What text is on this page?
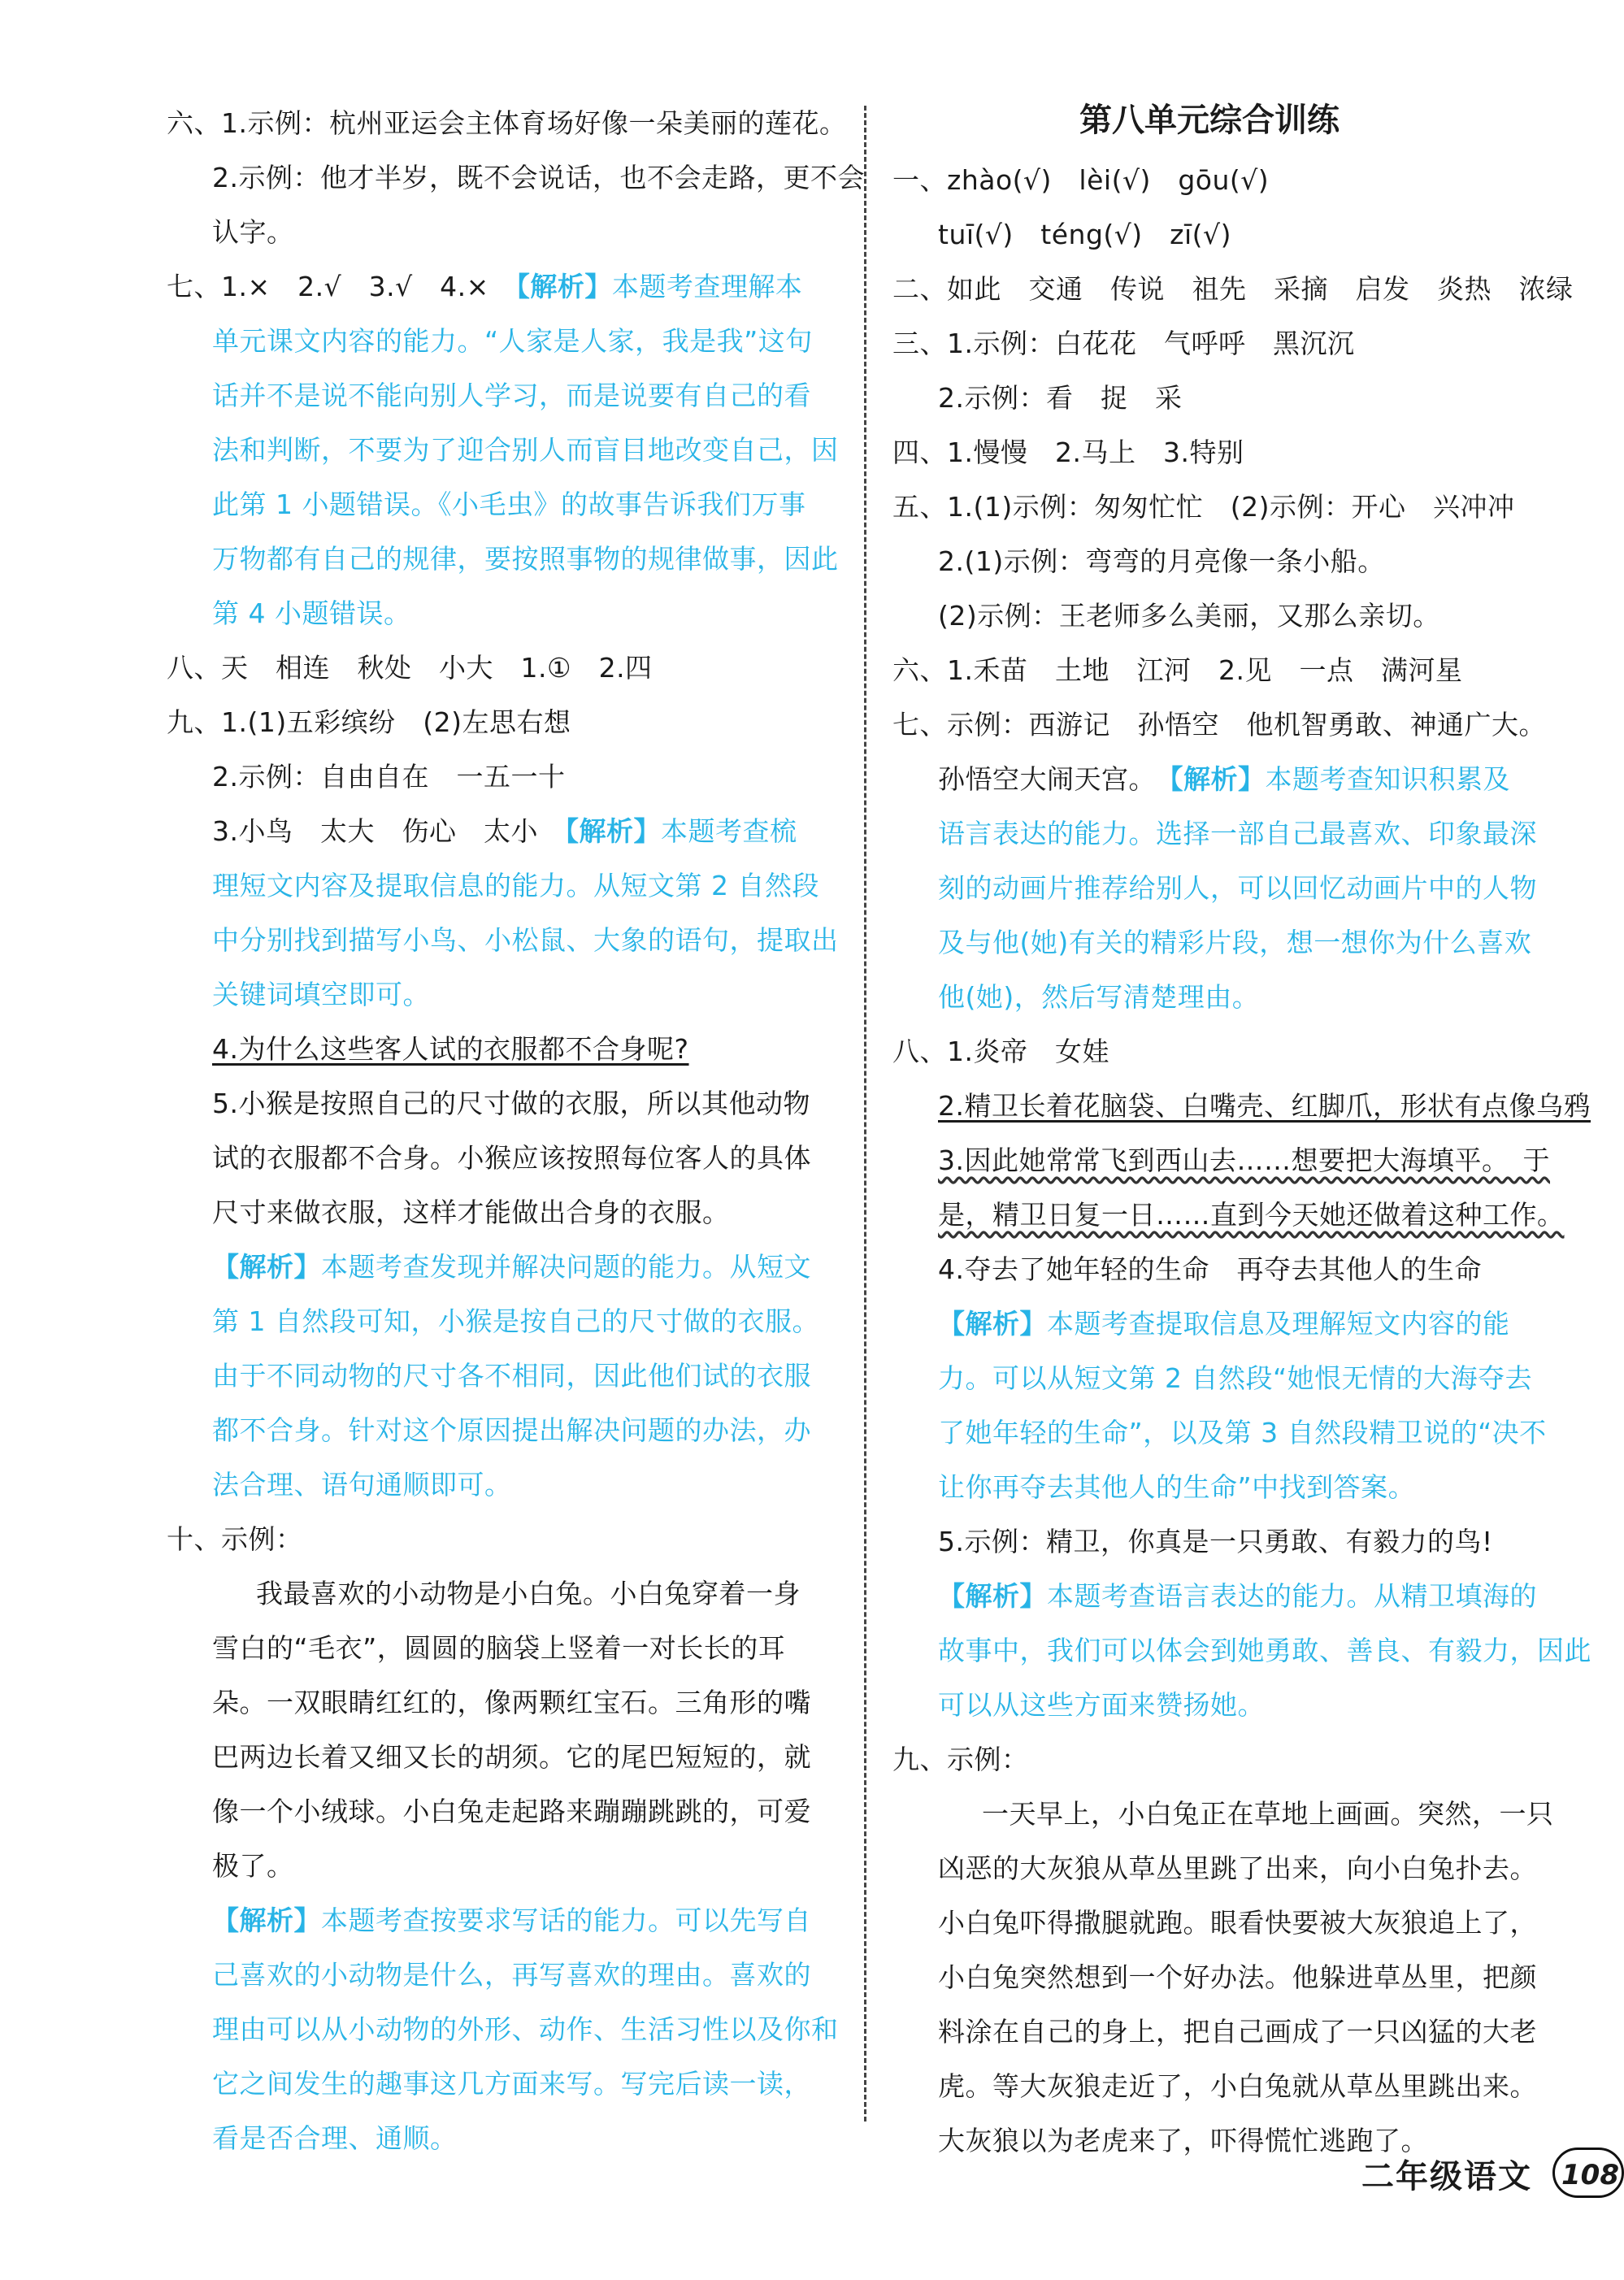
六、1.示例：杭州亚运会主体育场好像一朵美丽的莲花。
2.示例：他才半岁，既不会说话，也不会走路，更不会
认字。
七、1.×　2.√　3.√　4.×　 【解析】本题考查理解本
单元课文内容的能力。“人家是人家，我是我”这句
话并不是说不能向别人学习，而是说要有自己的看
法和判断，不要为了迎合别人而盲目地改变自己，因
此第 1 小题错误。《小毛虫》的故事告诉我们万事
万物都有自己的规律，要按照事物的规律做事，因此
第 4 小题错误。
八、天　相连　秋处　小大　1.①　2.四
九、1.(1)五彩缤纷　(2)左思右想
2.示例：自由自在　一五一十
3.小鸟　太大　伤心　太小　 【解析】本题考查梳
理短文内容及提取信息的能力。从短文第 2 自然段
中分别找到描写小鸟、小松鼠、大象的语句，提取出
关键词填空即可。
4.为什么这些客人试的衣服都不合身呢?
5.小猴是按照自己的尺寸做的衣服，所以其他动物
试的衣服都不合身。小猴应该按照每位客人的具体
尺寸来做衣服，这样才能做出合身的衣服。
【解析】本题考查发现并解决问题的能力。从短文
第 1 自然段可知，小猴是按自己的尺寸做的衣服。
由于不同动物的尺寸各不相同，因此他们试的衣服
都不合身。针对这个原因提出解决问题的办法，办
法合理、语句通顺即可。
十、示例：
我最喜欢的小动物是小白兔。小白兔穿着一身
雪白的“毛衣”，圆圆的脑袋上竖着一对长长的耳
朵。一双眼睛红红的，像两颗红宝石。三角形的嘴
巴两边长着又细又长的胡须。它的尾巴短短的，就
像一个小绒球。小白兔走起路来蹦蹦跳跳的，可爱
极了。
【解析】本题考查按要求写话的能力。可以先写自
己喜欢的小动物是什么，再写喜欢的理由。喜欢的
理由可以从小动物的外形、动作、生活习性以及你和
它之间发生的趣事这几方面来写。写完后读一读，
看是否合理、通顺。
第八单元综合训练
一、zhào(√)　lèi(√)　gōu(√)
tuī(√)　téng(√)　zī(√)
二、如此　交通　传说　祖先　采摘　启发　炎热　浓绿
三、1.示例：白花花　气呼呼　黑沉沉
2.示例：看　捉　采
四、1.慢慢　2.马上　3.特别
五、1.(1)示例：匆匆忙忙　(2)示例：开心　兴冲冲
2.(1)示例：弯弯的月亮像一条小船。
(2)示例：王老师多么美丽，又那么亲切。
六、1.禾苗　土地　江河　2.见　一点　满河星
七、示例：西游记　孙悟空　他机智勇敢、神通广大。
孙悟空大闹天宫。　 【解析】本题考查知识积累及
语言表达的能力。选择一部自己最喜欢、印象最深
刻的动画片推荐给别人，可以回忆动画片中的人物
及与他(她)有关的精彩片段，想一想你为什么喜欢
他(她)，然后写清楚理由。
八、1.炎帝　女娃
2.精卫长着花脑袋、白嘴壳、红脚爪，形状有点像乌鸦
3.因此她常常飞到西山去……想要把大海填平。　于
是，精卫日复一日……直到今天她还做着这种工作。
4.夺去了她年轻的生命　再夺去其他人的生命
【解析】本题考查提取信息及理解短文内容的能
力。可以从短文第 2 自然段“她恨无情的大海夺去
了她年轻的生命”，以及第 3 自然段精卫说的“决不
让你再夺去其他人的生命”中找到答案。
5.示例：精卫，你真是一只勇敢、有毅力的鸟!
【解析】本题考查语言表达的能力。从精卫填海的
故事中，我们可以体会到她勇敢、善良、有毅力，因此
可以从这些方面来赞扬她。
九、示例：
一天早上，小白兔正在草地上画画。突然，一只
凶恶的大灰狼从草丛里跳了出来，向小白兔扑去。
小白兔吓得撒腿就跑。眼看快要被大灰狼追上了，
小白兔突然想到一个好办法。他躲进草丛里，把颜
料涂在自己的身上，把自己画成了一只凶猛的大老
虎。等大灰狼走近了，小白兔就从草丛里跳出来。
大灰狼以为老虎来了，吓得慌忙逃跑了。
二年级语文	108
